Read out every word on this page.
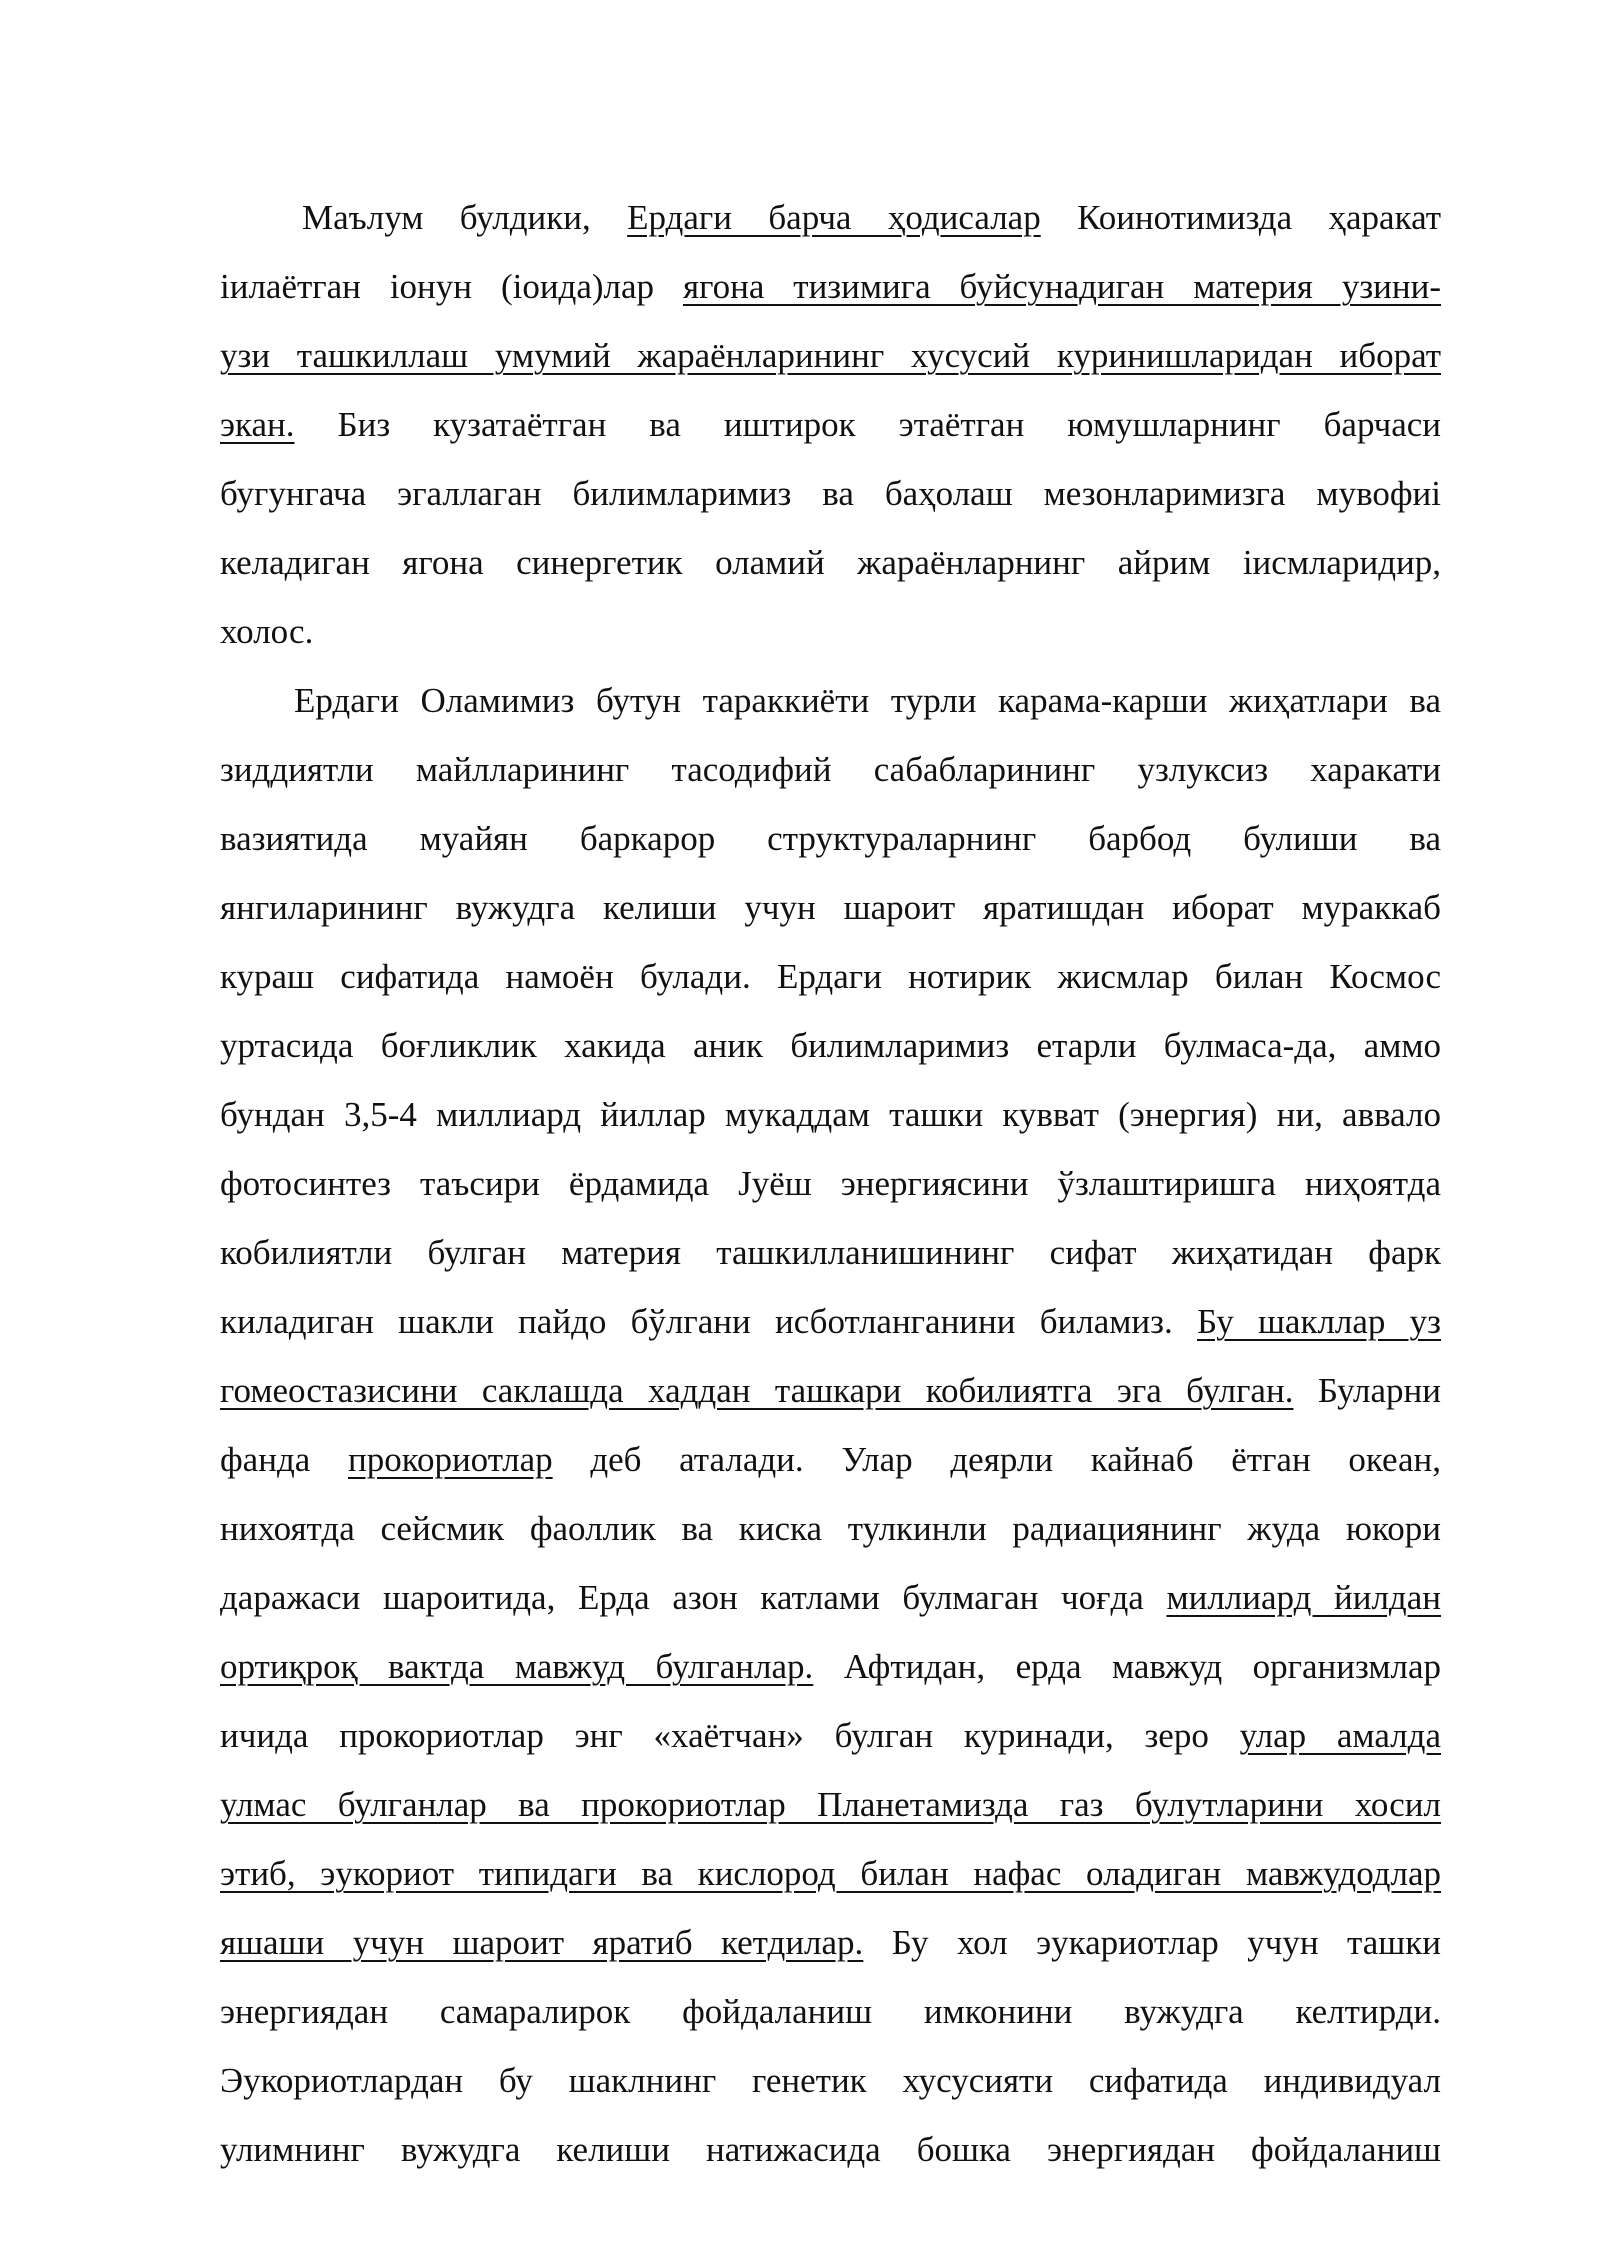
Маълум булдики, Ердаги барча ҳодисалар Коинотимизда ҳаракат
іилаётган іонун (іоида)лар ягона тизимига буйсунадиган материя узини-
узи ташкиллаш умумий жараёнларининг хусусий куринишларидан иборат
экан. Биз кузатаётган ва иштирок этаётган юмушларнинг барчаси
бугунгача эгаллаган билимларимиз ва баҳолаш мезонларимизга мувофиі
келадиган ягона синергетик оламий жараёнларнинг айрим іисмларидир,
холос.
Ердаги Оламимиз бутун тараккиёти турли карама-карши жиҳатлари ва
зиддиятли майлларининг тасодифий сабабларининг узлуксиз харакати
вазиятида муайян баркарор структураларнинг барбод булиши ва
янгиларининг вужудга келиши учун шароит яратишдан иборат мураккаб
кураш сифатида намоён булади. Ердаги нотирик жисмлар билан Космос
уртасида боғликлик хакида аник билимларимиз етарли булмаса-да, аммо
бундан 3,5-4 миллиард йиллар мукаддам ташки кувват (энергия) ни, аввало
фотосинтез таъсири ёрдамида Јуёш энергиясини ўзлаштиришга ниҳоятда
кобилиятли булган материя ташкилланишининг сифат жиҳатидан фарк
киладиган шакли пайдо бўлгани исботланганини биламиз. Бу шакллар уз
гомеостазисини саклашда хаддан ташкари кобилиятга эга булган. Буларни
фанда прокориотлар деб аталади. Улар деярли кайнаб ётган океан,
нихоятда сейсмик фаоллик ва киска тулкинли радиациянинг жуда юкори
даражаси шароитида, Ерда азон катлами булмаган чоғда миллиард йилдан
ортиқроқ вактда мавжуд булганлар. Афтидан, ерда мавжуд организмлар
ичида прокориотлар энг «хаётчан» булган куринади, зеро улар амалда
улмас булганлар ва прокориотлар Планетамизда газ булутларини хосил
этиб, эукориот типидаги ва кислород билан нафас оладиган мавжудодлар
яшаши учун шароит яратиб кетдилар. Бу хол эукариотлар учун ташки
энергиядан самаралирок фойдаланиш имконини вужудга келтирди.
Эукориотлардан бу шаклнинг генетик хусусияти сифатида индивидуал
улимнинг вужудга келиши натижасида бошка энергиядан фойдаланиш
